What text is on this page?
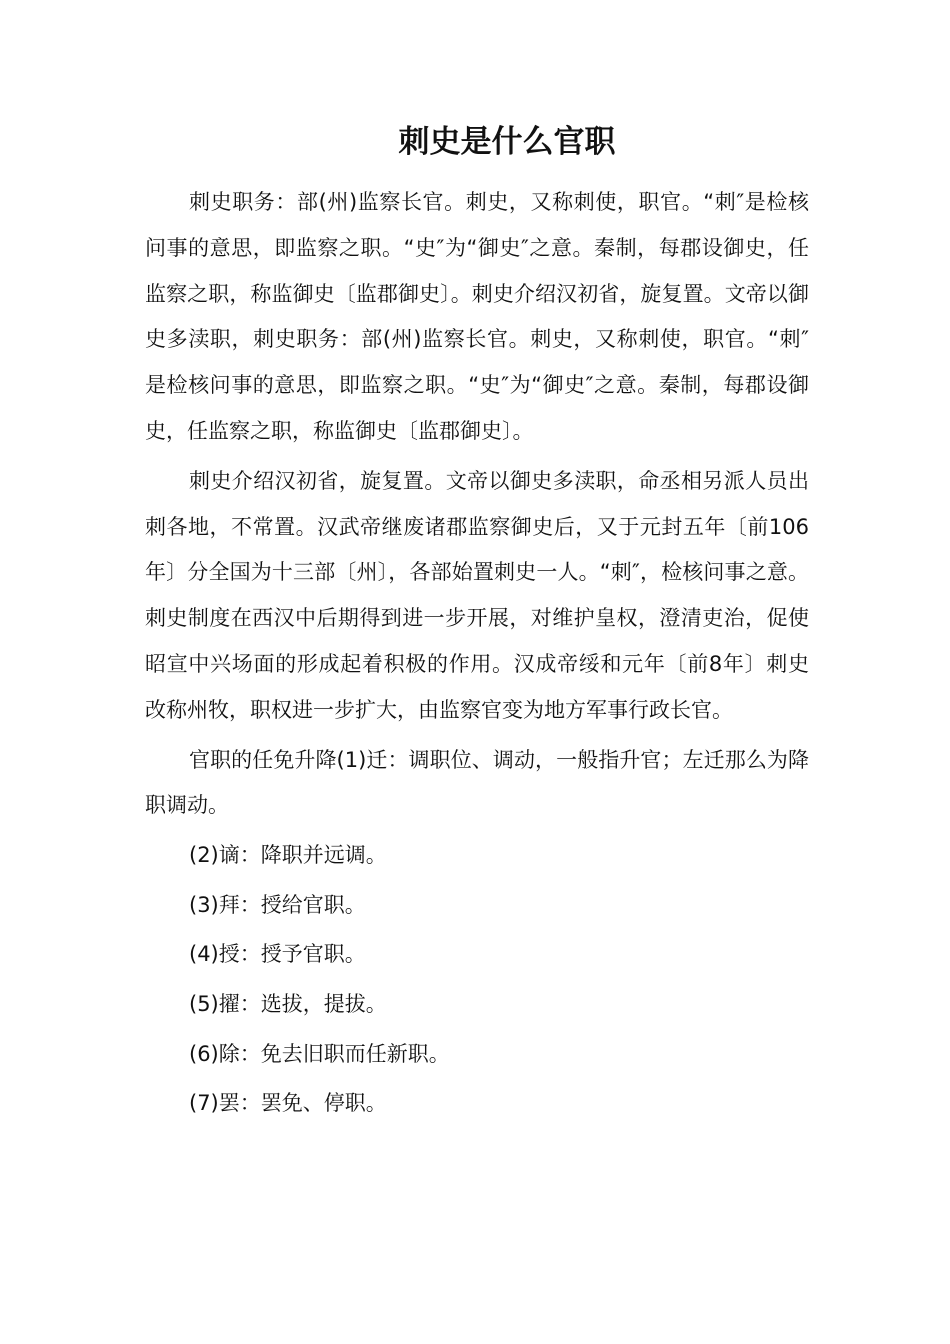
刺史是什么官职

刺史职务：部(州)监察长官。刺史，又称刺使，职官。“刺″是检核问事的意思，即监察之职。“史″为“御史″之意。秦制，每郡设御史，任监察之职，称监御史〔监郡御史〕。刺史介绍汉初省，旋复置。文帝以御史多渎职，刺史职务：部(州)监察长官。刺史，又称刺使，职官。“刺″是检核问事的意思，即监察之职。“史″为“御史″之意。秦制，每郡设御史，任监察之职，称监御史〔监郡御史〕。

刺史介绍汉初省，旋复置。文帝以御史多渎职，命丞相另派人员出刺各地，不常置。汉武帝继废诸郡监察御史后，又于元封五年〔前106年〕分全国为十三部〔州〕，各部始置刺史一人。“刺″，检核问事之意。刺史制度在西汉中后期得到进一步开展，对维护皇权，澄清吏治，促使昭宣中兴场面的形成起着积极的作用。汉成帝绥和元年〔前8年〕刺史改称州牧，职权进一步扩大，由监察官变为地方军事行政长官。

官职的任免升降(1)迁：调职位、调动，一般指升官；左迁那么为降职调动。

(2)谪：降职并远调。

(3)拜：授给官职。

(4)授：授予官职。

(5)擢：选拔，提拔。

(6)除：免去旧职而任新职。

(7)罢：罢免、停职。
